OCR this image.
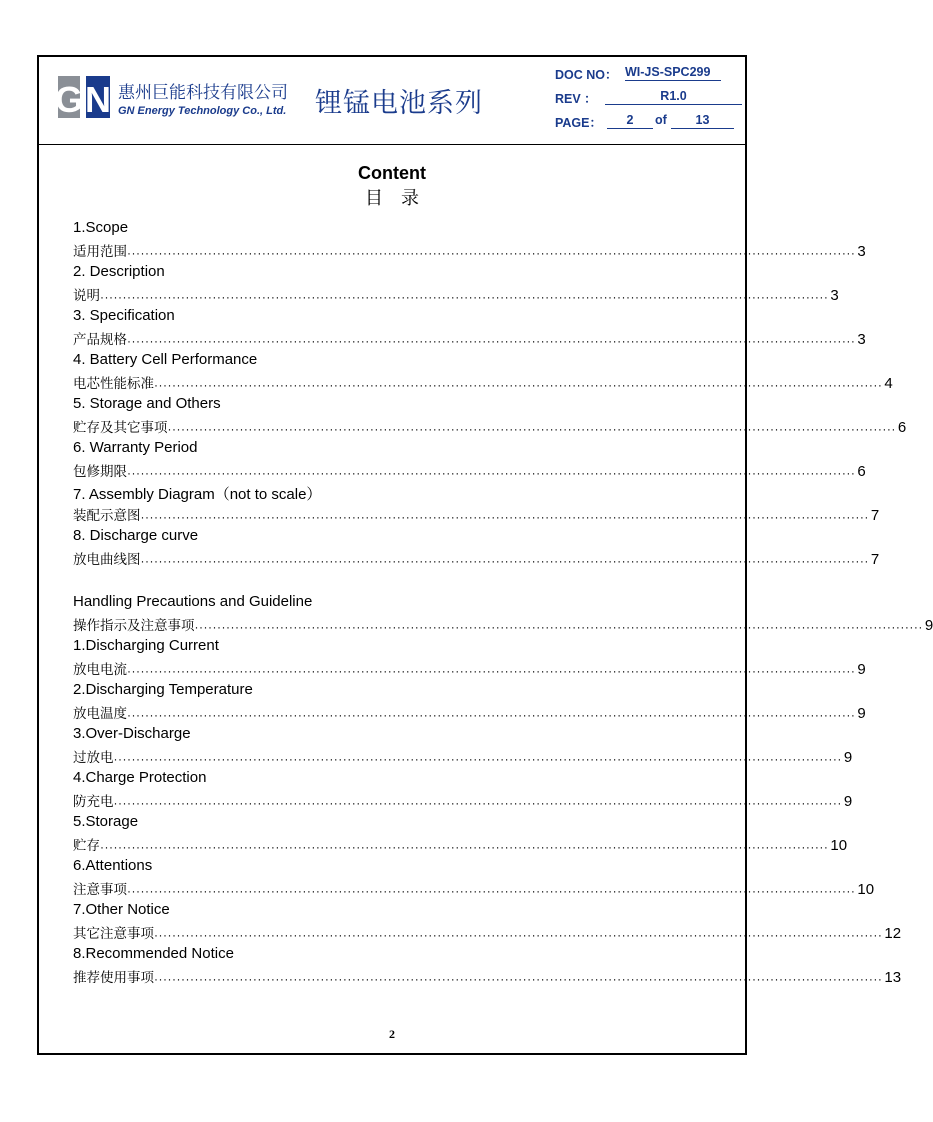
G N 惠州巨能科技有限公司
GN Energy Technology Co., Ltd. 锂锰电池系列
DOC NO： WI-JS-SPC299
REV ：	R1.0
PAGE：	2	of	13
Content
目录
1.Scope
适用范围 ·····	3
2. Description
说明 ·····	3
3. Specification
产品规格 ·····	3
4. Battery Cell Performance
电芯性能标准 ·····	4
5. Storage and Others
贮存及其它事项 ·····	6
6. Warranty Period
包修期限 ·····	6
7. Assembly Diagram（not to scale）
装配示意图 ·····	7
8. Discharge curve
放电曲线图 ·····	7
Handling Precautions and Guideline
操作指示及注意事项 ·····	9
1.Discharging Current
放电电流 ·····	9
2.Discharging Temperature
放电温度 ·····	9
3.Over-Discharge
过放电 ·····	9
4.Charge Protection
防充电 ·····	9
5.Storage
贮存 ·····	10
6.Attentions
注意事项 ·····	10
7.Other Notice
其它注意事项 ·····	12
8.Recommended Notice
推荐使用事项 ·····	13
2
